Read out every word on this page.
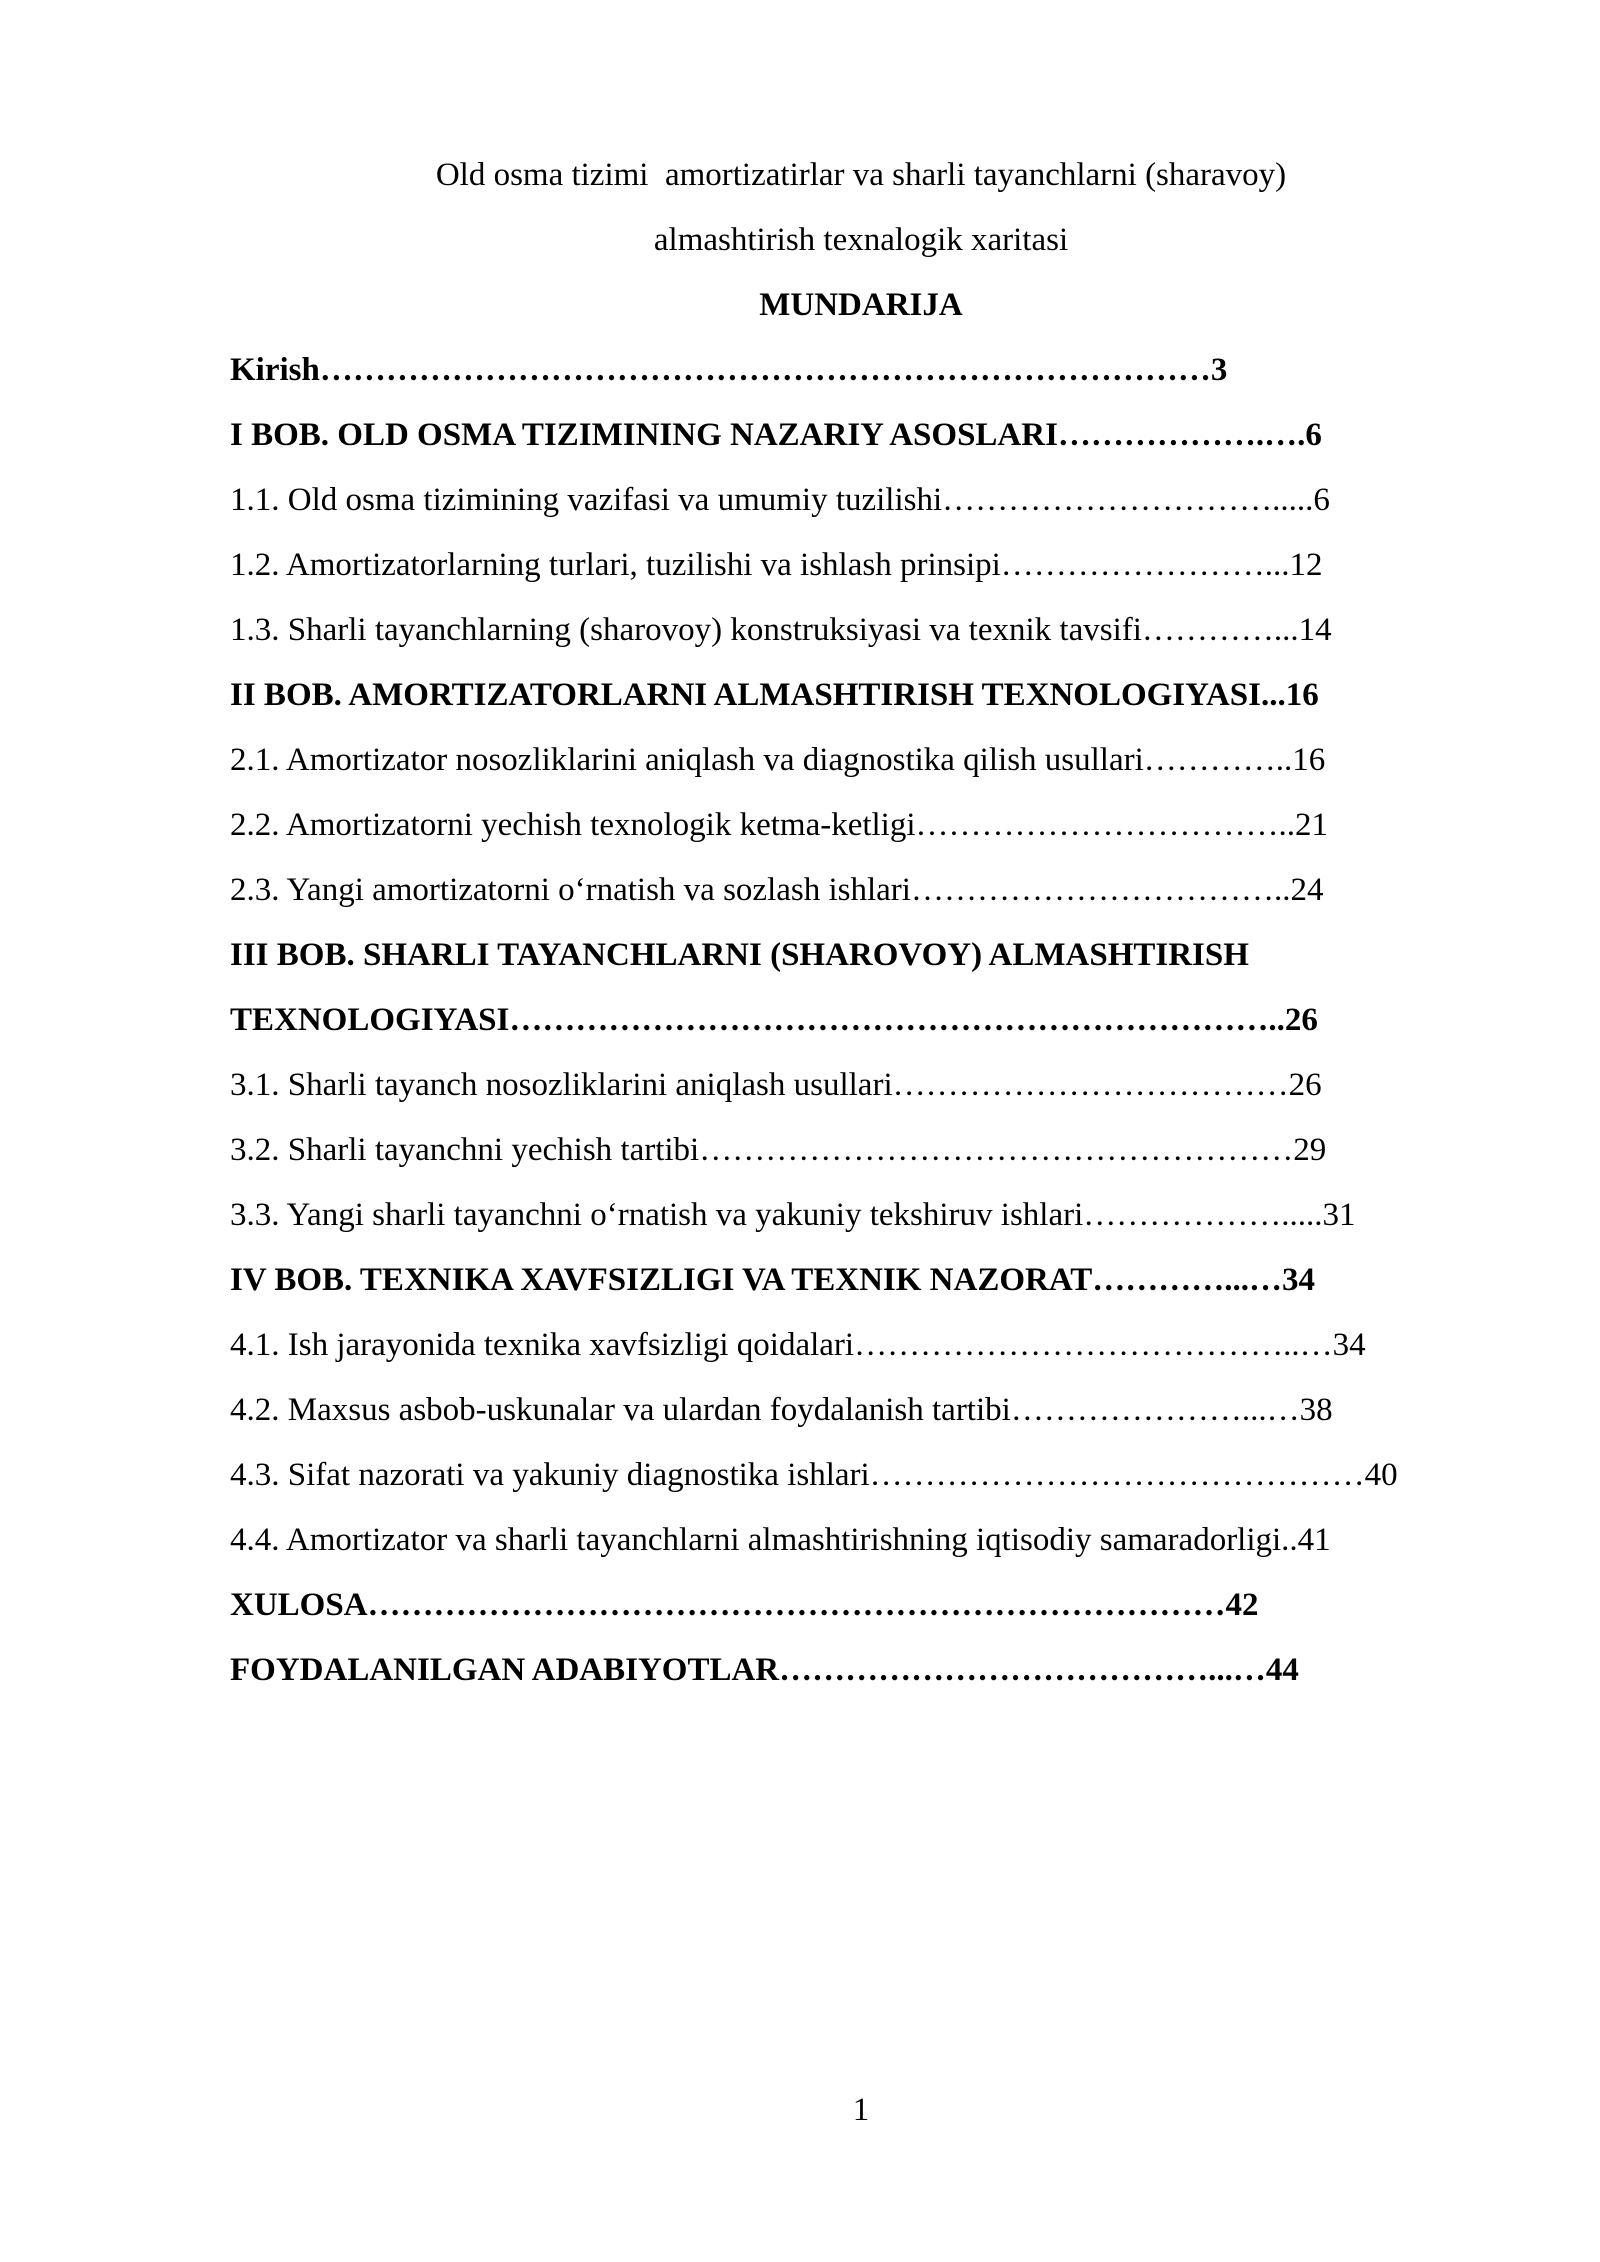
Old osma tizimi  amortizatirlar va sharli tayanchlarni (sharavoy)
almashtirish texnalogik xaritasi
MUNDARIJA
Kirish………………………………………………………………………3
I BOB. OLD OSMA TIZIMINING NAZARIY ASOSLARI……………….….6
1.1. Old osma tizimining vazifasi va umumiy tuzilishi………………………….....6
1.2. Amortizatorlarning turlari, tuzilishi va ishlash prinsipi……………………...12
1.3. Sharli tayanchlarning (sharovoy) konstruksiyasi va texnik tavsifi…………...14
II BOB. AMORTIZATORLARNI ALMASHTIRISH TEXNOLOGIYASI...16
2.1. Amortizator nosozliklarini aniqlash va diagnostika qilish usullari…………..16
2.2. Amortizatorni yechish texnologik ketma-ketligi……………………………..21
2.3. Yangi amortizatorni oʻrnatish va sozlash ishlari……………………………..24
III BOB. SHARLI TAYANCHLARNI (SHAROVOY) ALMASHTIRISH
TEXNOLOGIYASI……………………………………………………………..26
3.1. Sharli tayanch nosozliklarini aniqlash usullari………………………………26
3.2. Sharli tayanchni yechish tartibi………………………………………………29
3.3. Yangi sharli tayanchni oʻrnatish va yakuniy tekshiruv ishlari……………….....31
IV BOB. TEXNIKA XAVFSIZLIGI VA TEXNIK NAZORAT…………...…34
4.1. Ish jarayonida texnika xavfsizligi qoidalari…………………………………..…34
4.2. Maxsus asbob-uskunalar va ulardan foydalanish tartibi…………………...…38
4.3. Sifat nazorati va yakuniy diagnostika ishlari………………………………………40
4.4. Amortizator va sharli tayanchlarni almashtirishning iqtisodiy samaradorligi..41
XULOSA……………………………………………………………………42
FOYDALANILGAN ADABIYOTLAR…………………………………...…44
1
